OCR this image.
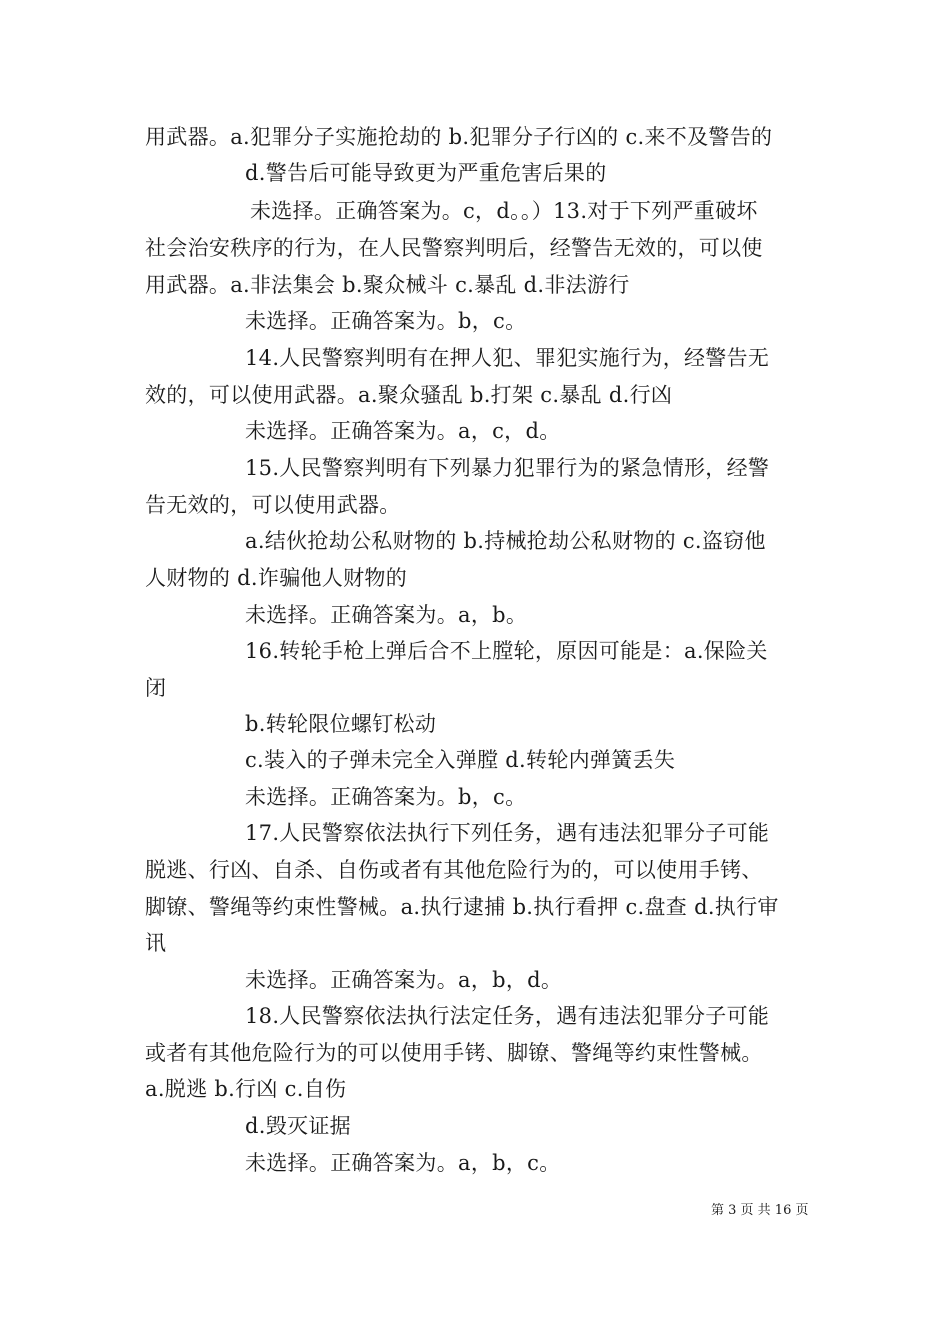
用武器。a.犯罪分子实施抢劫的 b.犯罪分子行凶的 c.来不及警告的
d.警告后可能导致更为严重危害后果的
未选择。正确答案为。c，d。。）13.对于下列严重破坏
社会治安秩序的行为，在人民警察判明后，经警告无效的，可以使
用武器。a.非法集会 b.聚众械斗 c.暴乱 d.非法游行
未选择。正确答案为。b，c。
14.人民警察判明有在押人犯、罪犯实施行为，经警告无
效的，可以使用武器。a.聚众骚乱 b.打架 c.暴乱 d.行凶
未选择。正确答案为。a，c，d。
15.人民警察判明有下列暴力犯罪行为的紧急情形，经警
告无效的，可以使用武器。
a.结伙抢劫公私财物的 b.持械抢劫公私财物的 c.盗窃他
人财物的 d.诈骗他人财物的
未选择。正确答案为。a，b。
16.转轮手枪上弹后合不上膛轮，原因可能是：a.保险关
闭
b.转轮限位螺钉松动
c.装入的子弹未完全入弹膛 d.转轮内弹簧丢失
未选择。正确答案为。b，c。
17.人民警察依法执行下列任务，遇有违法犯罪分子可能
脱逃、行凶、自杀、自伤或者有其他危险行为的，可以使用手铐、
脚镣、警绳等约束性警械。a.执行逮捕 b.执行看押 c.盘查 d.执行审
讯
未选择。正确答案为。a，b，d。
18.人民警察依法执行法定任务，遇有违法犯罪分子可能
或者有其他危险行为的可以使用手铐、脚镣、警绳等约束性警械。
a.脱逃 b.行凶 c.自伤
d.毁灭证据
未选择。正确答案为。a，b，c。
第 3 页 共 16 页
